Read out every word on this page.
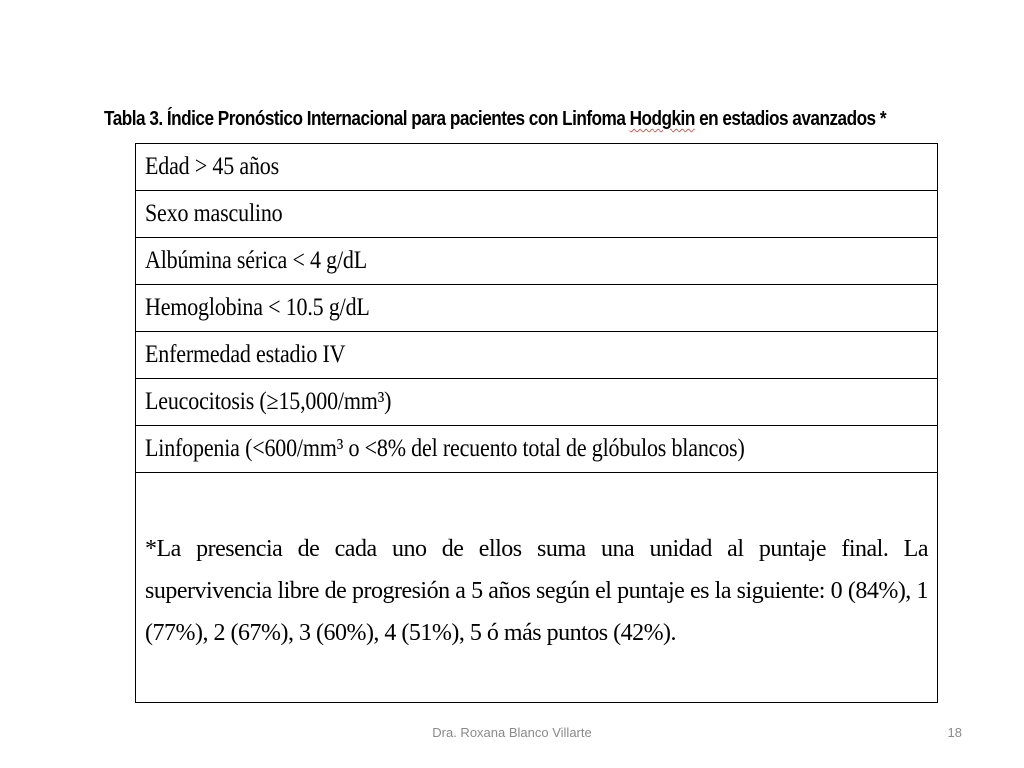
Tabla 3. Índice Pronóstico Internacional para pacientes con Linfoma Hodgkin en estadios avanzados *
Edad > 45 años
Sexo masculino
Albúmina sérica < 4 g/dL
Hemoglobina < 10.5 g/dL
Enfermedad estadio IV
Leucocitosis (≥15,000/mm³)
Linfopenia (<600/mm³ o <8% del recuento total de glóbulos blancos)
*La presencia de cada uno de ellos suma una unidad al puntaje final. La supervivencia libre de progresión a 5 años según el puntaje es la siguiente: 0 (84%), 1 (77%), 2 (67%), 3 (60%), 4 (51%), 5 ó más puntos (42%).
Dra. Roxana Blanco Villarte	18
